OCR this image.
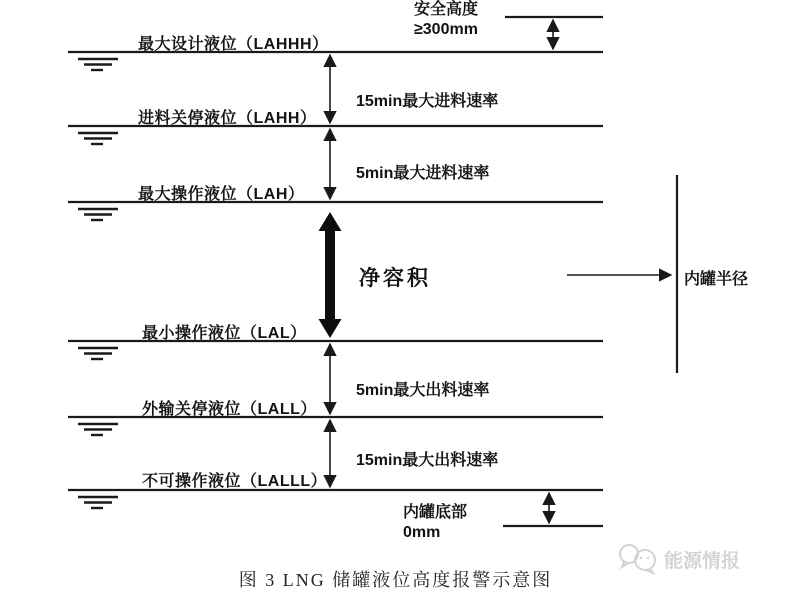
最大设计液位（LAHHH）
进料关停液位（LAHH）
最大操作液位（LAH）
最小操作液位（LAL）
外输关停液位（LALL）
不可操作液位（LALLL）
安全高度
≥300mm
15min最大进料速率
5min最大进料速率
5min最大出料速率
15min最大出料速率
净容积	内罐半径
内罐底部
0mm
图 3 LNG 储罐液位高度报警示意图
能源情报
